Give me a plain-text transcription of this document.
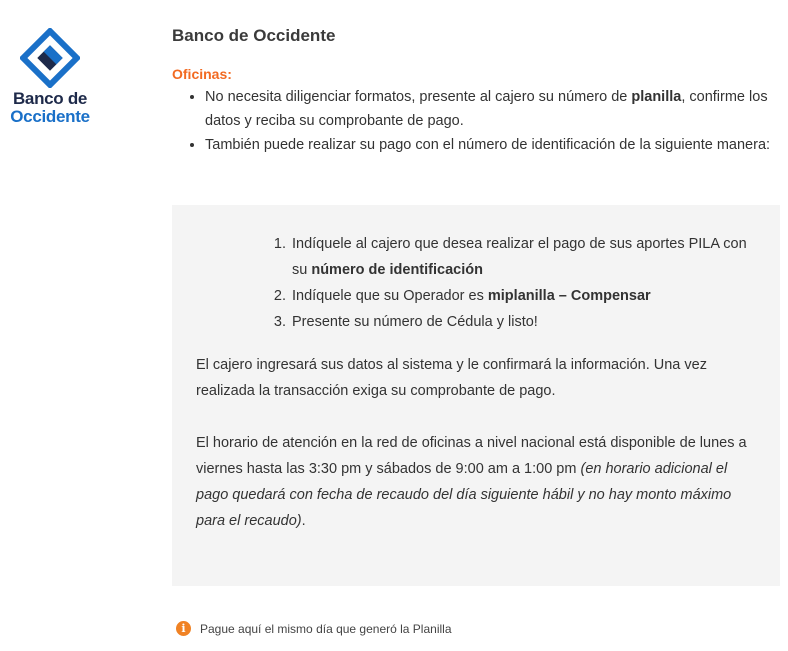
Banco de
Occidente
Banco de Occidente
Oficinas:
• No necesita diligenciar formatos, presente al cajero su número de planilla, confirme los datos y reciba su comprobante de pago.
• También puede realizar su pago con el número de identificación de la siguiente manera:
1. Indíquele al cajero que desea realizar el pago de sus aportes PILA con su número de identificación
2. Indíquele que su Operador es miplanilla – Compensar
3. Presente su número de Cédula y listo!

El cajero ingresará sus datos al sistema y le confirmará la información. Una vez realizada la transacción exiga su comprobante de pago.

El horario de atención en la red de oficinas a nivel nacional está disponible de lunes a viernes hasta las 3:30 pm y sábados de 9:00 am a 1:00 pm (en horario adicional el pago quedará con fecha de recaudo del día siguiente hábil y no hay monto máximo para el recaudo).

i	Pague aquí el mismo día que generó la Planilla
